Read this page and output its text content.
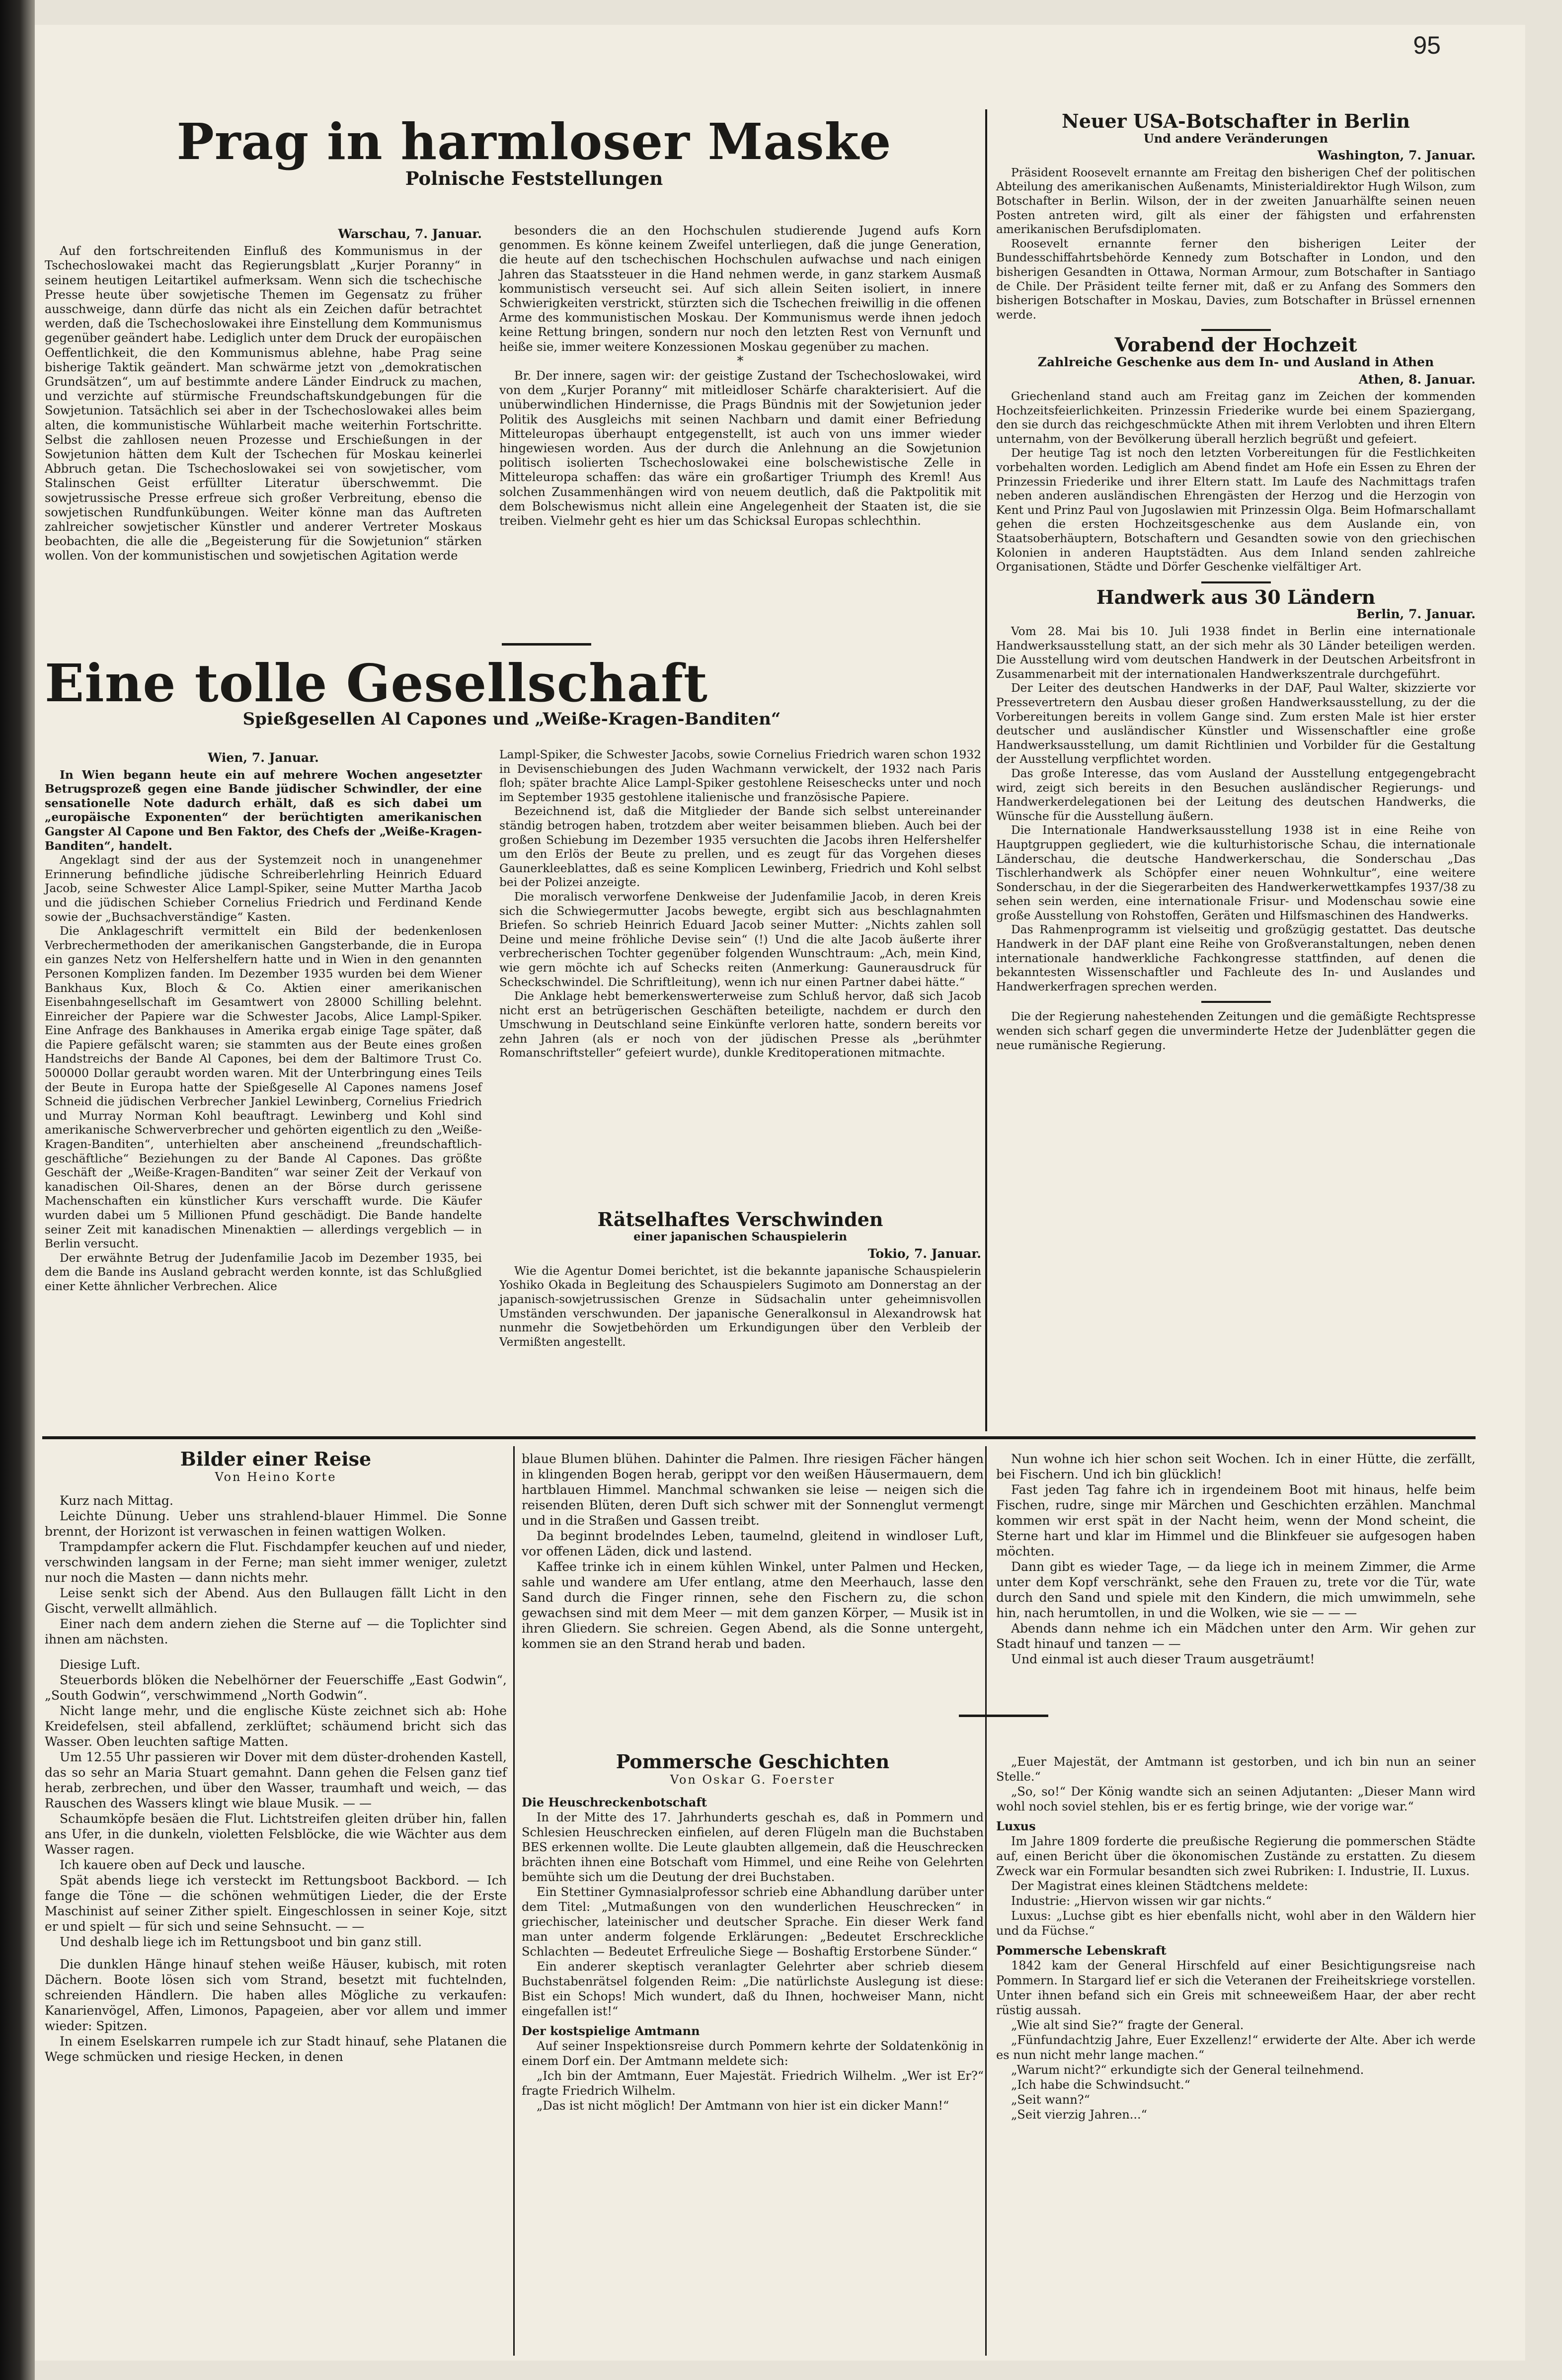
95
Prag in harmloser Maske
Polnische Feststellungen
Warschau, 7. Januar.

Auf den fortschreitenden Einfluß des Kommunismus in der Tschechoslowakei macht das Regierungsblatt „Kurjer Poranny“ in seinem heutigen Leitartikel aufmerksam. Wenn sich die tschechische Presse heute über sowjetische Themen im Gegensatz zu früher ausschweige, dann dürfe das nicht als ein Zeichen dafür betrachtet werden, daß die Tschechoslowakei ihre Einstellung dem Kommunismus gegenüber geändert habe. Lediglich unter dem Druck der europäischen Oeffentlichkeit, die den Kommunismus ablehne, habe Prag seine bisherige Taktik geändert. Man schwärme jetzt von „demokratischen Grundsätzen“, um auf bestimmte andere Länder Eindruck zu machen, und verzichte auf stürmische Freundschaftskundgebungen für die Sowjetunion. Tatsächlich sei aber in der Tschechoslowakei alles beim alten, die kommunistische Wühlarbeit mache weiterhin Fortschritte. Selbst die zahllosen neuen Prozesse und Erschießungen in der Sowjetunion hätten dem Kult der Tschechen für Moskau keinerlei Abbruch getan. Die Tschechoslowakei sei von sowjetischer, vom Stalinschen Geist erfüllter Literatur überschwemmt. Die sowjetrussische Presse erfreue sich großer Verbreitung, ebenso die sowjetischen Rundfunkübungen. Weiter könne man das Auftreten zahlreicher sowjetischer Künstler und anderer Vertreter Moskaus beobachten, die alle die „Begeisterung für die Sowjetunion“ stärken wollen. Von der kommunistischen und sowjetischen Agitation werde

besonders die an den Hochschulen studierende Jugend aufs Korn genommen. Es könne keinem Zweifel unterliegen, daß die junge Generation, die heute auf den tschechischen Hochschulen aufwachse und nach einigen Jahren das Staatssteuer in die Hand nehmen werde, in ganz starkem Ausmaß kommunistisch verseucht sei. Auf sich allein Seiten isoliert, in innere Schwierigkeiten verstrickt, stürzten sich die Tschechen freiwillig in die offenen Arme des kommunistischen Moskau. Der Kommunismus werde ihnen jedoch keine Rettung bringen, sondern nur noch den letzten Rest von Vernunft und heiße sie, immer weitere Konzessionen Moskau gegenüber zu machen.

*

Br. Der innere, sagen wir: der geistige Zustand der Tschechoslowakei, wird von dem „Kurjer Poranny“ mit mitleidloser Schärfe charakterisiert. Auf die unüberwindlichen Hindernisse, die Prags Bündnis mit der Sowjetunion jeder Politik des Ausgleichs mit seinen Nachbarn und damit einer Befriedung Mitteleuropas überhaupt entgegenstellt, ist auch von uns immer wieder hingewiesen worden. Aus der durch die Anlehnung an die Sowjetunion politisch isolierten Tschechoslowakei eine bolschewistische Zelle in Mitteleuropa schaffen: das wäre ein großartiger Triumph des Kreml! Aus solchen Zusammenhängen wird von neuem deutlich, daß die Paktpolitik mit dem Bolschewismus nicht allein eine Angelegenheit der Staaten ist, die sie treiben. Vielmehr geht es hier um das Schicksal Europas schlechthin.

Eine tolle Gesellschaft
Spießgesellen Al Capones und „Weiße-Kragen-Banditen“
Wien, 7. Januar.

In Wien begann heute ein auf mehrere Wochen angesetzter Betrugsprozeß gegen eine Bande jüdischer Schwindler, der eine sensationelle Note dadurch erhält, daß es sich dabei um „europäische Exponenten“ der berüchtigten amerikanischen Gangster Al Capone und Ben Faktor, des Chefs der „Weiße-Kragen-Banditen“, handelt.

Angeklagt sind der aus der Systemzeit noch in unangenehmer Erinnerung befindliche jüdische Schreiberlehrling Heinrich Eduard Jacob, seine Schwester Alice Lampl-Spiker, seine Mutter Martha Jacob und die jüdischen Schieber Cornelius Friedrich und Ferdinand Kende sowie der „Buchsachverständige“ Kasten.

Die Anklageschrift vermittelt ein Bild der bedenkenlosen Verbrechermethoden der amerikanischen Gangsterbande, die in Europa ein ganzes Netz von Helfershelfern hatte und in Wien in den genannten Personen Komplizen fanden. Im Dezember 1935 wurden bei dem Wiener Bankhaus Kux, Bloch & Co. Aktien einer amerikanischen Eisenbahngesellschaft im Gesamtwert von 28000 Schilling belehnt. Einreicher der Papiere war die Schwester Jacobs, Alice Lampl-Spiker. Eine Anfrage des Bankhauses in Amerika ergab einige Tage später, daß die Papiere gefälscht waren; sie stammten aus der Beute eines großen Handstreichs der Bande Al Capones, bei dem der Baltimore Trust Co. 500000 Dollar geraubt worden waren. Mit der Unterbringung eines Teils der Beute in Europa hatte der Spießgeselle Al Capones namens Josef Schneid die jüdischen Verbrecher Jankiel Lewinberg, Cornelius Friedrich und Murray Norman Kohl beauftragt. Lewinberg und Kohl sind amerikanische Schwerverbrecher und gehörten eigentlich zu den „Weiße-Kragen-Banditen“, unterhielten aber anscheinend „freundschaftlich-geschäftliche“ Beziehungen zu der Bande Al Capones. Das größte Geschäft der „Weiße-Kragen-Banditen“ war seiner Zeit der Verkauf von kanadischen Oil-Shares, denen an der Börse durch gerissene Machenschaften ein künstlicher Kurs verschafft wurde. Die Käufer wurden dabei um 5 Millionen Pfund geschädigt. Die Bande handelte seiner Zeit mit kanadischen Minenaktien — allerdings vergeblich — in Berlin versucht.

Der erwähnte Betrug der Judenfamilie Jacob im Dezember 1935, bei dem die Bande ins Ausland gebracht werden konnte, ist das Schlußglied einer Kette ähnlicher Verbrechen. Alice

Lampl-Spiker, die Schwester Jacobs, sowie Cornelius Friedrich waren schon 1932 in Devisenschiebungen des Juden Wachmann verwickelt, der 1932 nach Paris floh; später brachte Alice Lampl-Spiker gestohlene Reiseschecks unter und noch im September 1935 gestohlene italienische und französische Papiere.

Bezeichnend ist, daß die Mitglieder der Bande sich selbst untereinander ständig betrogen haben, trotzdem aber weiter beisammen blieben. Auch bei der großen Schiebung im Dezember 1935 versuchten die Jacobs ihren Helfershelfer um den Erlös der Beute zu prellen, und es zeugt für das Vorgehen dieses Gaunerkleeblattes, daß es seine Komplicen Lewinberg, Friedrich und Kohl selbst bei der Polizei anzeigte.

Die moralisch verworfene Denkweise der Judenfamilie Jacob, in deren Kreis sich die Schwiegermutter Jacobs bewegte, ergibt sich aus beschlagnahmten Briefen. So schrieb Heinrich Eduard Jacob seiner Mutter: „Nichts zahlen soll Deine und meine fröhliche Devise sein“ (!) Und die alte Jacob äußerte ihrer verbrecherischen Tochter gegenüber folgenden Wunschtraum: „Ach, mein Kind, wie gern möchte ich auf Schecks reiten (Anmerkung: Gaunerausdruck für Scheckschwindel. Die Schriftleitung), wenn ich nur einen Partner dabei hätte.“

Die Anklage hebt bemerkenswerterweise zum Schluß hervor, daß sich Jacob nicht erst an betrügerischen Geschäften beteiligte, nachdem er durch den Umschwung in Deutschland seine Einkünfte verloren hatte, sondern bereits vor zehn Jahren (als er noch von der jüdischen Presse als „berühmter Romanschriftsteller“ gefeiert wurde), dunkle Kreditoperationen mitmachte.

Rätselhaftes Verschwinden
einer japanischen Schauspielerin
Tokio, 7. Januar.

Wie die Agentur Domei berichtet, ist die bekannte japanische Schauspielerin Yoshiko Okada in Begleitung des Schauspielers Sugimoto am Donnerstag an der japanisch-sowjetrussischen Grenze in Südsachalin unter geheimnisvollen Umständen verschwunden. Der japanische Generalkonsul in Alexandrowsk hat nunmehr die Sowjetbehörden um Erkundigungen über den Verbleib der Vermißten angestellt.

Neuer USA-Botschafter in Berlin
Und andere Veränderungen
Washington, 7. Januar.

Präsident Roosevelt ernannte am Freitag den bisherigen Chef der politischen Abteilung des amerikanischen Außenamts, Ministerialdirektor Hugh Wilson, zum Botschafter in Berlin. Wilson, der in der zweiten Januarhälfte seinen neuen Posten antreten wird, gilt als einer der fähigsten und erfahrensten amerikanischen Berufsdiplomaten.

Roosevelt ernannte ferner den bisherigen Leiter der Bundesschiffahrtsbehörde Kennedy zum Botschafter in London, und den bisherigen Gesandten in Ottawa, Norman Armour, zum Botschafter in Santiago de Chile. Der Präsident teilte ferner mit, daß er zu Anfang des Sommers den bisherigen Botschafter in Moskau, Davies, zum Botschafter in Brüssel ernennen werde.

Vorabend der Hochzeit
Zahlreiche Geschenke aus dem In- und Ausland in Athen
Athen, 8. Januar.

Griechenland stand auch am Freitag ganz im Zeichen der kommenden Hochzeitsfeierlichkeiten. Prinzessin Friederike wurde bei einem Spaziergang, den sie durch das reichgeschmückte Athen mit ihrem Verlobten und ihren Eltern unternahm, von der Bevölkerung überall herzlich begrüßt und gefeiert.

Der heutige Tag ist noch den letzten Vorbereitungen für die Festlichkeiten vorbehalten worden. Lediglich am Abend findet am Hofe ein Essen zu Ehren der Prinzessin Friederike und ihrer Eltern statt. Im Laufe des Nachmittags trafen neben anderen ausländischen Ehrengästen der Herzog und die Herzogin von Kent und Prinz Paul von Jugoslawien mit Prinzessin Olga. Beim Hofmarschallamt gehen die ersten Hochzeitsgeschenke aus dem Auslande ein, von Staatsoberhäuptern, Botschaftern und Gesandten sowie von den griechischen Kolonien in anderen Hauptstädten. Aus dem Inland senden zahlreiche Organisationen, Städte und Dörfer Geschenke vielfältiger Art.

Handwerk aus 30 Ländern
Berlin, 7. Januar.

Vom 28. Mai bis 10. Juli 1938 findet in Berlin eine internationale Handwerksausstellung statt, an der sich mehr als 30 Länder beteiligen werden. Die Ausstellung wird vom deutschen Handwerk in der Deutschen Arbeitsfront in Zusammenarbeit mit der internationalen Handwerkszentrale durchgeführt.

Der Leiter des deutschen Handwerks in der DAF, Paul Walter, skizzierte vor Pressevertretern den Ausbau dieser großen Handwerksausstellung, zu der die Vorbereitungen bereits in vollem Gange sind. Zum ersten Male ist hier erster deutscher und ausländischer Künstler und Wissenschaftler eine große Handwerksausstellung, um damit Richtlinien und Vorbilder für die Gestaltung der Ausstellung verpflichtet worden.

Das große Interesse, das vom Ausland der Ausstellung entgegengebracht wird, zeigt sich bereits in den Besuchen ausländischer Regierungs- und Handwerkerdelegationen bei der Leitung des deutschen Handwerks, die Wünsche für die Ausstellung äußern.

Die Internationale Handwerksausstellung 1938 ist in eine Reihe von Hauptgruppen gegliedert, wie die kulturhistorische Schau, die internationale Länderschau, die deutsche Handwerkerschau, die Sonderschau „Das Tischlerhandwerk als Schöpfer einer neuen Wohnkultur“, eine weitere Sonderschau, in der die Siegerarbeiten des Handwerkerwettkampfes 1937/38 zu sehen sein werden, eine internationale Frisur- und Modenschau sowie eine große Ausstellung von Rohstoffen, Geräten und Hilfsmaschinen des Handwerks.

Das Rahmenprogramm ist vielseitig und großzügig gestattet. Das deutsche Handwerk in der DAF plant eine Reihe von Großveranstaltungen, neben denen internationale handwerkliche Fachkongresse stattfinden, auf denen die bekanntesten Wissenschaftler und Fachleute des In- und Auslandes und Handwerkerfragen sprechen werden.

Die der Regierung nahestehenden Zeitungen und die gemäßigte Rechtspresse wenden sich scharf gegen die unverminderte Hetze der Judenblätter gegen die neue rumänische Regierung.

Bilder einer Reise
Von Heino Korte

Kurz nach Mittag.

Leichte Dünung. Ueber uns strahlend-blauer Himmel. Die Sonne brennt, der Horizont ist verwaschen in feinen wattigen Wolken.

Trampdampfer ackern die Flut. Fischdampfer keuchen auf und nieder, verschwinden langsam in der Ferne; man sieht immer weniger, zuletzt nur noch die Masten — dann nichts mehr.

Leise senkt sich der Abend. Aus den Bullaugen fällt Licht in den Gischt, verwellt allmählich.

Einer nach dem andern ziehen die Sterne auf — die Toplichter sind ihnen am nächsten.

Diesige Luft.

Steuerbords blöken die Nebelhörner der Feuerschiffe „East Godwin“, „South Godwin“, verschwimmend „North Godwin“.

Nicht lange mehr, und die englische Küste zeichnet sich ab: Hohe Kreidefelsen, steil abfallend, zerklüftet; schäumend bricht sich das Wasser. Oben leuchten saftige Matten.

Um 12.55 Uhr passieren wir Dover mit dem düster-drohenden Kastell, das so sehr an Maria Stuart gemahnt. Dann gehen die Felsen ganz tief herab, zerbrechen, und über den Wasser, traumhaft und weich, — das Rauschen des Wassers klingt wie blaue Musik. — —

Schaumköpfe besäen die Flut. Lichtstreifen gleiten drüber hin, fallen ans Ufer, in die dunkeln, violetten Felsblöcke, die wie Wächter aus dem Wasser ragen.

Ich kauere oben auf Deck und lausche.

Spät abends liege ich versteckt im Rettungsboot Backbord. — Ich fange die Töne — die schönen wehmütigen Lieder, die der Erste Maschinist auf seiner Zither spielt. Eingeschlossen in seiner Koje, sitzt er und spielt — für sich und seine Sehnsucht. — —

Und deshalb liege ich im Rettungsboot und bin ganz still.

Die dunklen Hänge hinauf stehen weiße Häuser, kubisch, mit roten Dächern. Boote lösen sich vom Strand, besetzt mit fuchtelnden, schreienden Händlern. Die haben alles Mögliche zu verkaufen: Kanarienvögel, Affen, Limonos, Papageien, aber vor allem und immer wieder: Spitzen.

In einem Eselskarren rumpele ich zur Stadt hinauf, sehe Platanen die Wege schmücken und riesige Hecken, in denen

blaue Blumen blühen. Dahinter die Palmen. Ihre riesigen Fächer hängen in klingenden Bogen herab, gerippt vor den weißen Häusermauern, dem hartblauen Himmel. Manchmal schwanken sie leise — neigen sich die reisenden Blüten, deren Duft sich schwer mit der Sonnenglut vermengt und in die Straßen und Gassen treibt.

Da beginnt brodelndes Leben, taumelnd, gleitend in windloser Luft, vor offenen Läden, dick und lastend.

Kaffee trinke ich in einem kühlen Winkel, unter Palmen und Hecken, sahle und wandere am Ufer entlang, atme den Meerhauch, lasse den Sand durch die Finger rinnen, sehe den Fischern zu, die schon gewachsen sind mit dem Meer — mit dem ganzen Körper, — Musik ist in ihren Gliedern. Sie schreien. Gegen Abend, als die Sonne untergeht, kommen sie an den Strand herab und baden.

Nun wohne ich hier schon seit Wochen. Ich in einer Hütte, die zerfällt, bei Fischern. Und ich bin glücklich!

Fast jeden Tag fahre ich in irgendeinem Boot mit hinaus, helfe beim Fischen, rudre, singe mir Märchen und Geschichten erzählen. Manchmal kommen wir erst spät in der Nacht heim, wenn der Mond scheint, die Sterne hart und klar im Himmel und die Blinkfeuer sie aufgesogen haben möchten.

Dann gibt es wieder Tage, — da liege ich in meinem Zimmer, die Arme unter dem Kopf verschränkt, sehe den Frauen zu, trete vor die Tür, wate durch den Sand und spiele mit den Kindern, die mich umwimmeln, sehe hin, nach herumtollen, in und die Wolken, wie sie — — —

Abends dann nehme ich ein Mädchen unter den Arm. Wir gehen zur Stadt hinauf und tanzen — —

Und einmal ist auch dieser Traum ausgeträumt!

Pommersche Geschichten
Von Oskar G. Foerster

Die Heuschreckenbotschaft

In der Mitte des 17. Jahrhunderts geschah es, daß in Pommern und Schlesien Heuschrecken einfielen, auf deren Flügeln man die Buchstaben BES erkennen wollte. Die Leute glaubten allgemein, daß die Heuschrecken brächten ihnen eine Botschaft vom Himmel, und eine Reihe von Gelehrten bemühte sich um die Deutung der drei Buchstaben.

Ein Stettiner Gymnasialprofessor schrieb eine Abhandlung darüber unter dem Titel: „Mutmaßungen von den wunderlichen Heuschrecken“ in griechischer, lateinischer und deutscher Sprache. Ein dieser Werk fand man unter anderm folgende Erklärungen: „Bedeutet Erschreckliche Schlachten — Bedeutet Erfreuliche Siege — Boshaftig Erstorbene Sünder.“

Ein anderer skeptisch veranlagter Gelehrter aber schrieb diesem Buchstabenrätsel folgenden Reim: „Die natürlichste Auslegung ist diese: Bist ein Schops! Mich wundert, daß du Ihnen, hochweiser Mann, nicht eingefallen ist!“

Der kostspielige Amtmann

Auf seiner Inspektionsreise durch Pommern kehrte der Soldatenkönig in einem Dorf ein. Der Amtmann meldete sich:

„Ich bin der Amtmann, Euer Majestät. Friedrich Wilhelm. „Wer ist Er?“ fragte Friedrich Wilhelm.

„Das ist nicht möglich! Der Amtmann von hier ist ein dicker Mann!“

„Euer Majestät, der Amtmann ist gestorben, und ich bin nun an seiner Stelle.“

„So, so!“ Der König wandte sich an seinen Adjutanten: „Dieser Mann wird wohl noch soviel stehlen, bis er es fertig bringe, wie der vorige war.“

Luxus

Im Jahre 1809 forderte die preußische Regierung die pommerschen Städte auf, einen Bericht über die ökonomischen Zustände zu erstatten. Zu diesem Zweck war ein Formular besandten sich zwei Rubriken: I. Industrie, II. Luxus.

Der Magistrat eines kleinen Städtchens meldete:

Industrie: „Hiervon wissen wir gar nichts.“

Luxus: „Luchse gibt es hier ebenfalls nicht, wohl aber in den Wäldern hier und da Füchse.“

Pommersche Lebenskraft

1842 kam der General Hirschfeld auf einer Besichtigungsreise nach Pommern. In Stargard lief er sich die Veteranen der Freiheitskriege vorstellen. Unter ihnen befand sich ein Greis mit schneeweißem Haar, der aber recht rüstig aussah.

„Wie alt sind Sie?“ fragte der General.

„Fünfundachtzig Jahre, Euer Exzellenz!“ erwiderte der Alte. Aber ich werde es nun nicht mehr lange machen.“

„Warum nicht?“ erkundigte sich der General teilnehmend.

„Ich habe die Schwindsucht.“

„Seit wann?“

„Seit vierzig Jahren...“
